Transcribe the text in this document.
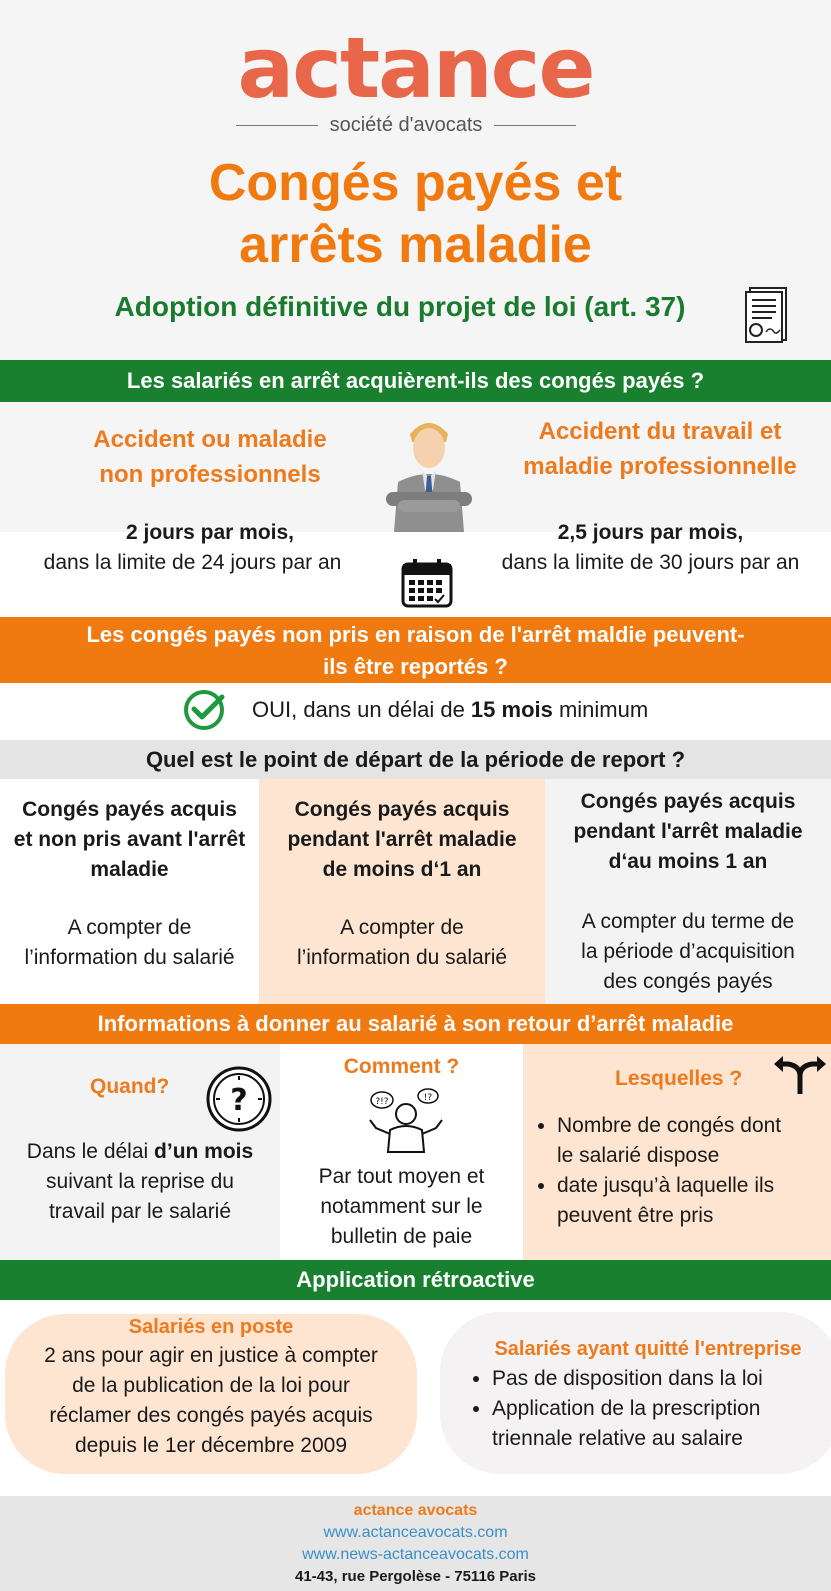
actance
société d'avocats
Congés payés et
arrêts maladie
Adoption définitive du projet de loi (art. 37)
Les salariés en arrêt acquièrent-ils des congés payés ?
Accident ou maladie
non professionnels
Accident du travail et
maladie professionnelle
2 jours par mois,
dans la limite de 24 jours par an
2,5 jours par mois,
dans la limite de 30 jours par an
Les congés payés non pris en raison de l'arrêt maldie peuvent-
ils être reportés ?
OUI, dans un délai de 15 mois minimum
Quel est le point de départ de la période de report ?
Congés payés acquis
et non pris avant l'arrêt
maladie
A compter de
l’information du salarié
Congés payés acquis
pendant l'arrêt maladie
de moins d‘1 an
A compter de
l’information du salarié
Congés payés acquis
pendant l'arrêt maladie
d‘au moins 1 an
A compter du terme de
la période d’acquisition
des congés payés
Informations à donner au salarié à son retour d’arrêt maladie
Quand? ?
Dans le délai d’un mois
suivant la reprise du
travail par le salarié
Comment ?
?!?	!?
Par tout moyen et
notamment sur le
bulletin de paie
Lesquelles ?
• Nombre de congés dont
le salarié dispose
• date jusqu’à laquelle ils
peuvent être pris
Application rétroactive
Salariés en poste
2 ans pour agir en justice à compter
de la publication de la loi pour
réclamer des congés payés acquis
depuis le 1er décembre 2009
Salariés ayant quitté l'entreprise
• Pas de disposition dans la loi
• Application de la prescription
triennale relative au salaire
actance avocats
www.actanceavocats.com
www.news-actanceavocats.com
41-43, rue Pergolèse - 75116 Paris
